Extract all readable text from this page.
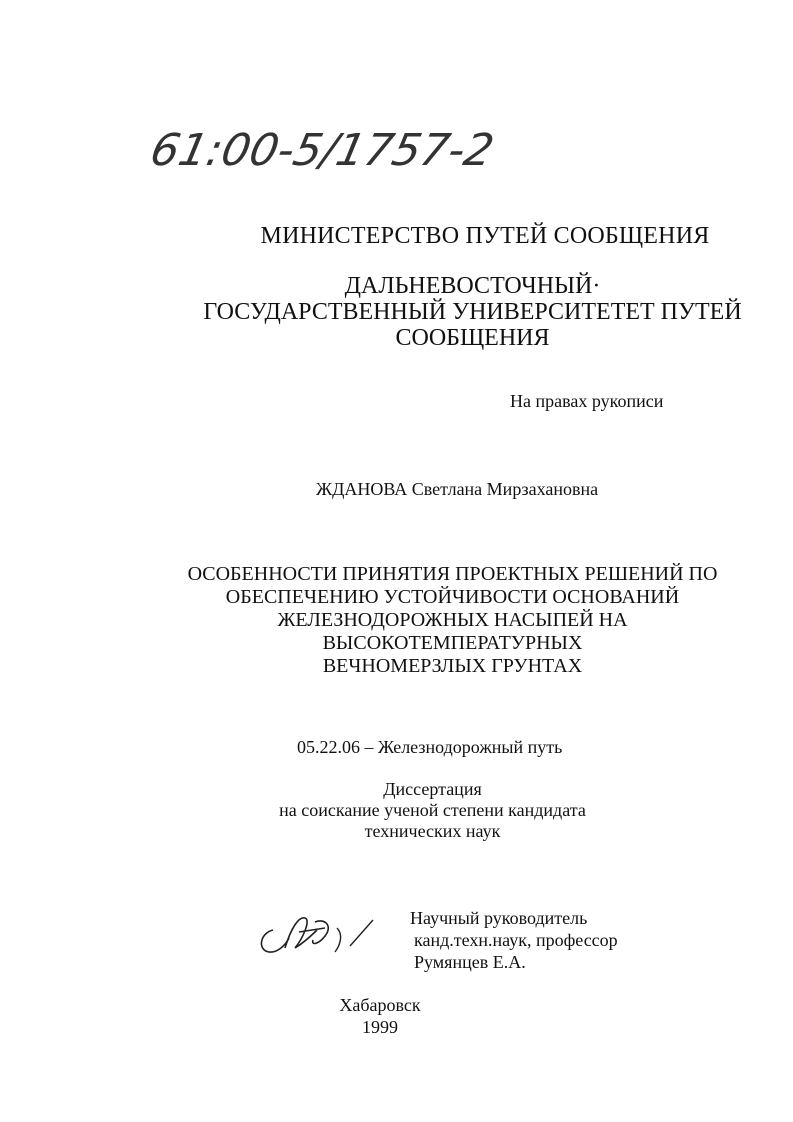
61:00-5/1757-2
МИНИСТЕРСТВО ПУТЕЙ СООБЩЕНИЯ
ДАЛЬНЕВОСТОЧНЫЙ·
ГОСУДАРСТВЕННЫЙ УНИВЕРСИТЕТЕТ ПУТЕЙ
СООБЩЕНИЯ
На правах рукописи
ЖДАНОВА Светлана Мирзахановна
ОСОБЕННОСТИ ПРИНЯТИЯ ПРОЕКТНЫХ РЕШЕНИЙ ПО
ОБЕСПЕЧЕНИЮ УСТОЙЧИВОСТИ ОСНОВАНИЙ
ЖЕЛЕЗНОДОРОЖНЫХ НАСЫПЕЙ НА ВЫСОКОТЕМПЕРАТУРНЫХ
ВЕЧНОМЕРЗЛЫХ ГРУНТАХ
05.22.06 – Железнодорожный путь
Диссертация
на соискание ученой степени кандидата
технических наук
Научный руководитель
канд.техн.наук, профессор
Румянцев Е.А.
Хабаровск
1999
